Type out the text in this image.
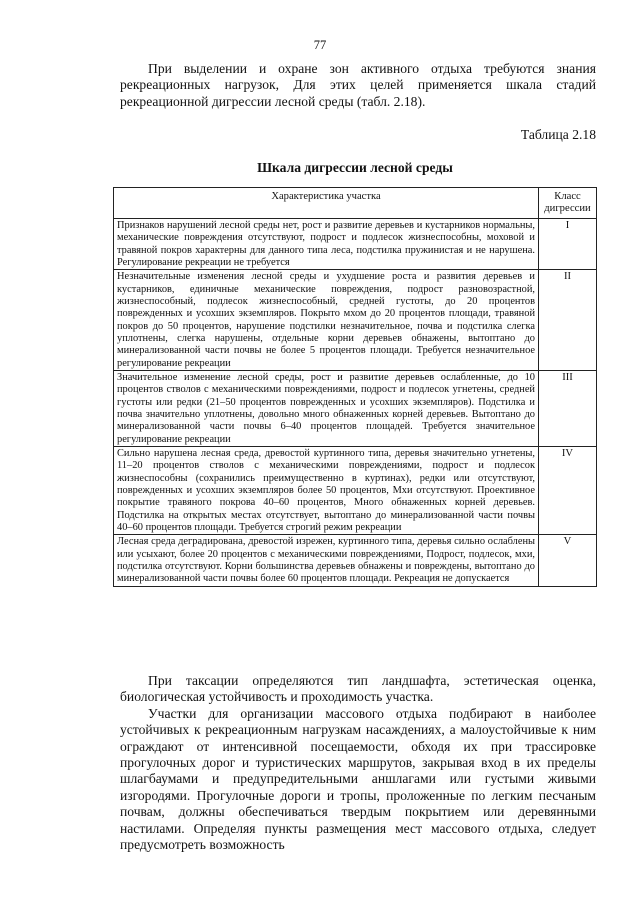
77

При выделении и охране зон активного отдыха требуются знания рекреационных нагрузок, Для этих целей применяется шкала стадий рекреационной дигрессии лесной среды (табл. 2.18).

Таблица 2.18
Шкала дигрессии лесной среды
Характеристика участка	Класс дигрессии
Признаков нарушений лесной среды нет, рост и развитие деревьев и кустарников нормальны, механические повреждения отсутствуют, подрост и подлесок жизнеспособны, моховой и травяной покров характерны для данного типа леса, подстилка пружинистая и не нарушена. Регулирование рекреации не требуется	I
Незначительные изменения лесной среды и ухудшение роста и развития деревьев и кустарников, единичные механические повреждения, подрост разновозрастной, жизнеспособный, подлесок жизнеспособный, средней густоты, до 20 процентов поврежденных и усохших экземпляров. Покрыто мхом до 20 процентов площади, травяной покров до 50 процентов, нарушение подстилки незначительное, почва и подстилка слегка уплотнены, слегка нарушены, отдельные корни деревьев обнажены, вытоптано до минерализованной части почвы не более 5 процентов площади. Требуется незначительное регулирование рекреации	II
Значительное изменение лесной среды, рост и развитие деревьев ослабленные, до 10 процентов стволов с механическими повреждениями, подрост и подлесок угнетены, средней густоты или редки (21–50 процентов поврежденных и усохших экземпляров). Подстилка и почва значительно уплотнены, довольно много обнаженных корней деревьев. Вытоптано до минерализованной части почвы 6–40 процентов площадей. Требуется значительное регулирование рекреации	III
Сильно нарушена лесная среда, древостой куртинного типа, деревья значительно угнетены, 11–20 процентов стволов с механическими повреждениями, подрост и подлесок жизнеспособны (сохранились преимущественно в куртинах), редки или отсутствуют, поврежденных и усохших экземпляров более 50 процентов, Мхи отсутствуют. Проективное покрытие травяного покрова 40–60 процентов, Много обнаженных корней деревьев. Подстилка на открытых местах отсутствует, вытоптано до минерализованной части почвы 40–60 процентов площади. Требуется строгий режим рекреации	IV
Лесная среда деградирована, древостой изрежен, куртинного типа, деревья сильно ослаблены или усыхают, более 20 процентов с механическими повреждениями, Подрост, подлесок, мхи, подстилка отсутствуют. Корни большинства деревьев обнажены и повреждены, вытоптано до минерализованной части почвы более 60 процентов площади. Рекреация не допускается	V

При таксации определяются тип ландшафта, эстетическая оценка, биологическая устойчивость и проходимость участка.

Участки для организации массового отдыха подбирают в наиболее устойчивых к рекреационным нагрузкам насаждениях, а малоустойчивые к ним ограждают от интенсивной посещаемости, обходя их при трассировке прогулочных дорог и туристических маршрутов, закрывая вход в их пределы шлагбаумами и предупредительными аншлагами или густыми живыми изгородями. Прогулочные дороги и тропы, проложенные по легким песчаным почвам, должны обеспечиваться твердым покрытием или деревянными настилами. Определяя пункты размещения мест массового отдыха, следует предусмотреть возможность
